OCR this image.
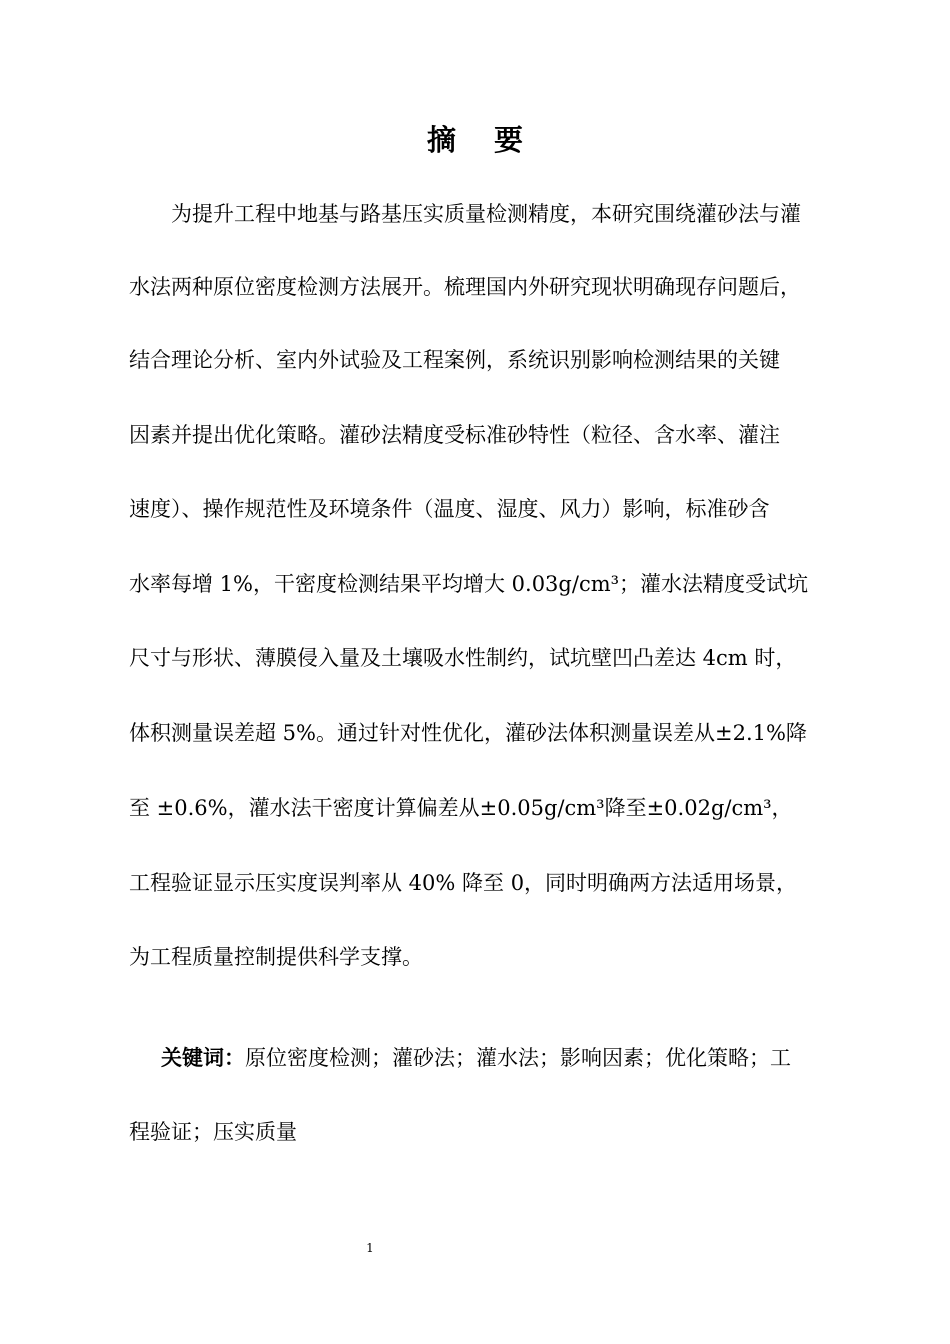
摘要

　　为提升工程中地基与路基压实质量检测精度，本研究围绕灌砂法与灌

水法两种原位密度检测方法展开。梳理国内外研究现状明确现存问题后，

结合理论分析、室内外试验及工程案例，系统识别影响检测结果的关键

因素并提出优化策略。灌砂法精度受标准砂特性（粒径、含水率、灌注

速度）、操作规范性及环境条件（温度、湿度、风力）影响，标准砂含

水率每增 1%，干密度检测结果平均增大 0.03g/cm³；灌水法精度受试坑

尺寸与形状、薄膜侵入量及土壤吸水性制约，试坑壁凹凸差达 4cm 时，

体积测量误差超 5%。通过针对性优化，灌砂法体积测量误差从±2.1%降

至 ±0.6%，灌水法干密度计算偏差从±0.05g/cm³降至±0.02g/cm³，

工程验证显示压实度误判率从 40% 降至 0，同时明确两方法适用场景，

为工程质量控制提供科学支撑。

关键词：原位密度检测；灌砂法；灌水法；影响因素；优化策略；工

程验证；压实质量

1
